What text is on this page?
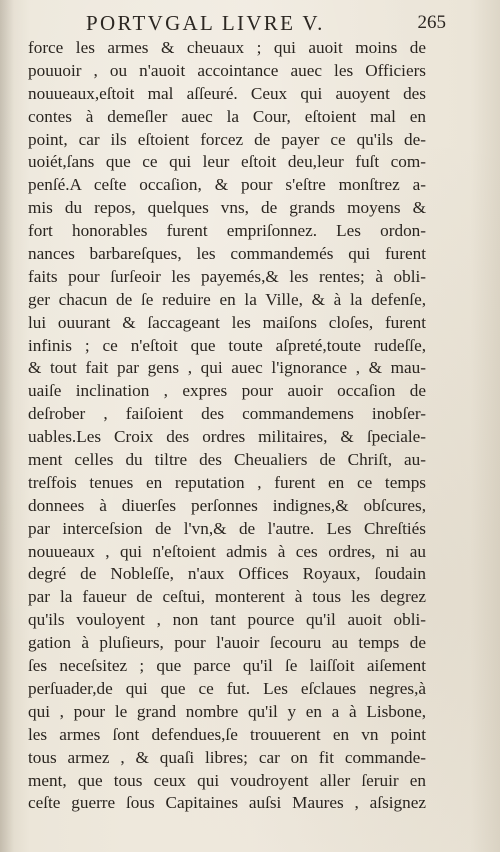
PORTVGAL LIVRE V.	265
force les armes & cheuaux ; qui auoit moins de
pouuoir , ou n'auoit accointance auec les Officiers
nouueaux,eſtoit mal aſſeuré. Ceux qui auoyent des
contes à demeſler auec la Cour, eſtoient mal en
point, car ils eſtoient forcez de payer ce qu'ils de-
uoiét,ſans que ce qui leur eſtoit deu,leur fuſt com-
penſé.A ceſte occaſion, & pour s'eſtre monſtrez a-
mis du repos, quelques vns, de grands moyens &
fort honorables furent empriſonnez. Les ordon-
nances barbareſques, les commandemés qui furent
faits pour ſurſeoir les payemés,& les rentes; à obli-
ger chacun de ſe reduire en la Ville, & à la defenſe,
lui ouurant & ſaccageant les maiſons cloſes, furent
infinis ; ce n'eſtoit que toute aſpreté,toute rudeſſe,
& tout fait par gens , qui auec l'ignorance , & mau-
uaiſe inclination , expres pour auoir occaſion de
deſrober , faiſoient des commandemens inobſer-
uables.Les Croix des ordres militaires, & ſpeciale-
ment celles du tiltre des Cheualiers de Chriſt, au-
treſfois tenues en reputation , furent en ce temps
donnees à diuerſes perſonnes indignes,& obſcures,
par interceſsion de l'vn,& de l'autre. Les Chreſtiés
nouueaux , qui n'eſtoient admis à ces ordres, ni au
degré de Nobleſſe, n'aux Offices Royaux, ſoudain
par la faueur de ceſtui, monterent à tous les degrez
qu'ils vouloyent , non tant pource qu'il auoit obli-
gation à pluſieurs, pour l'auoir ſecouru au temps de
ſes neceſsitez ; que parce qu'il ſe laiſſoit aiſement
perſuader,de qui que ce fut. Les eſclaues negres,à
qui , pour le grand nombre qu'il y en a à Lisbone,
les armes ſont defendues,ſe trouuerent en vn point
tous armez , & quaſi libres; car on fit commande-
ment, que tous ceux qui voudroyent aller ſeruir en
ceſte guerre ſous Capitaines auſsi Maures , aſsignez
